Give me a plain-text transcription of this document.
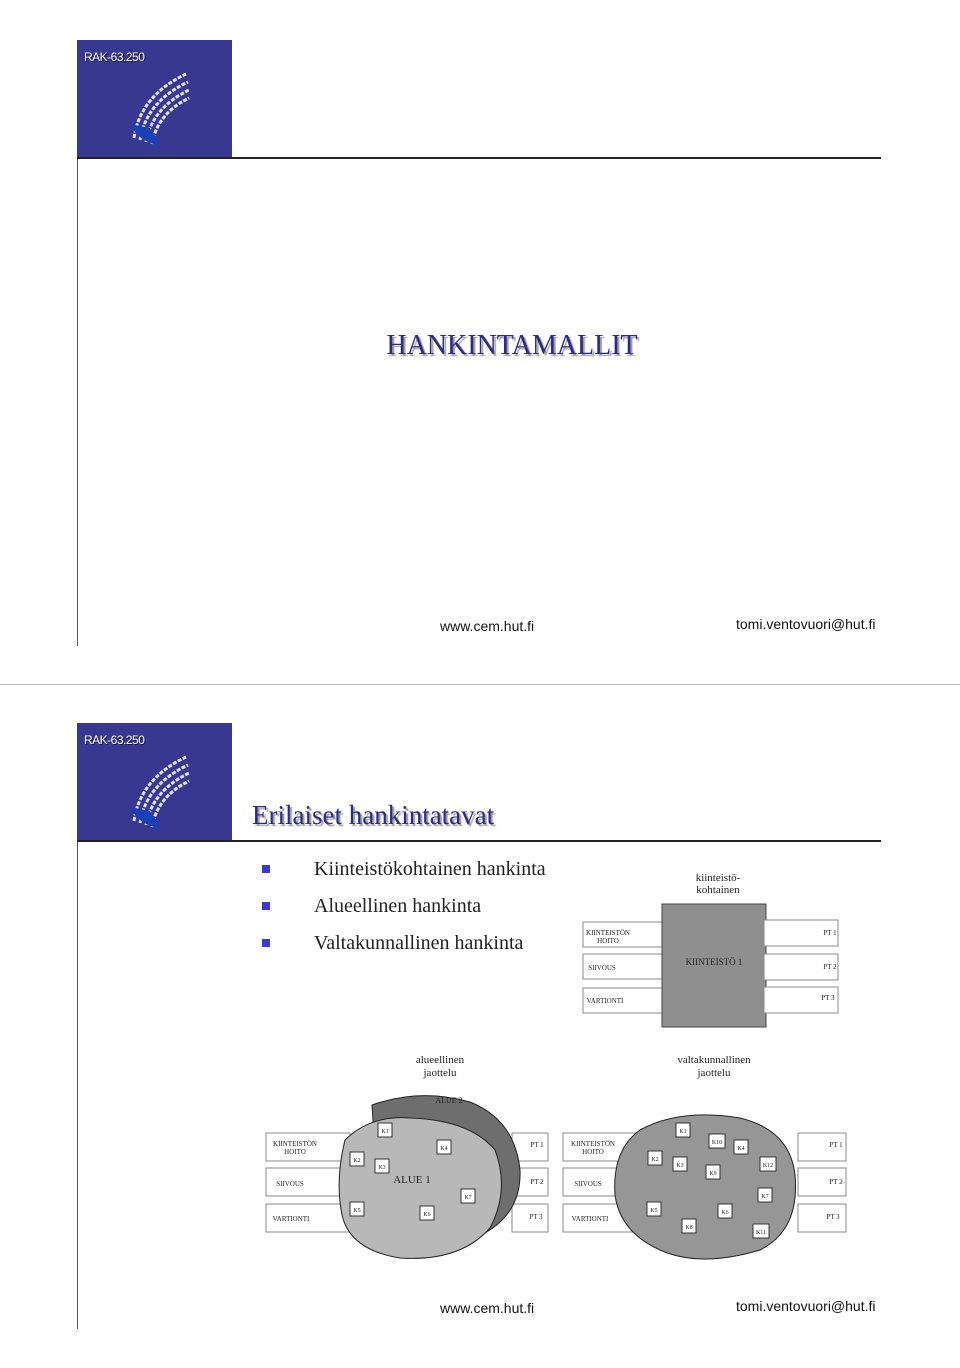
RAK-63.250
HANKINTAMALLIT
www.cem.hut.fi	tomi.ventovuori@hut.fi
RAK-63.250
Erilaiset hankintatavat
Kiinteistökohtainen hankinta
Alueellinen hankinta
Valtakunnallinen hankinta
kiinteistö-
kohtainen
KIINTEISTÖN
HOITO
SIIVOUS
VARTIONTI
KIINTEISTÖ 1
PT 1
PT 2
PT 3
alueellinen
jaottelu
KIINTEISTÖN
HOITO
SIIVOUS
VARTIONTI
PT 1
PT 2
PT 3
ALUE 2
ALUE 1
K1
K2
K3
K4
K5
K6
K7
valtakunnallinen
jaottelu
KIINTEISTÖN
HOITO
SIIVOUS
VARTIONTI
PT 1
PT 2
PT 3
K1
K2
K3
K4
K5	K6
K7
K8
K9
K10
K11
K12
www.cem.hut.fi	tomi.ventovuori@hut.fi
